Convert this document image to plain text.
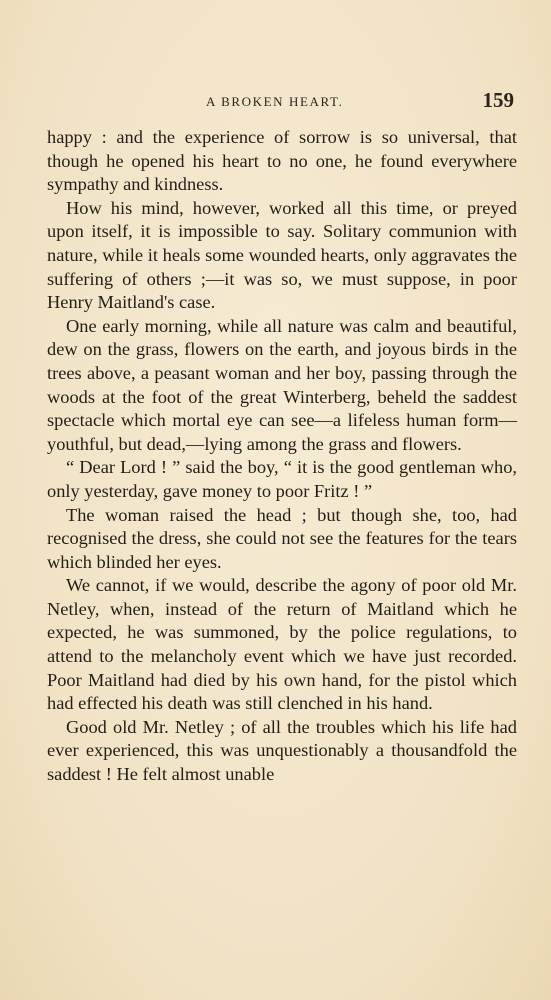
A BROKEN HEART.	159

happy : and the experience of sorrow is so universal, that though he opened his heart to no one, he found everywhere sympathy and kindness.

How his mind, however, worked all this time, or preyed upon itself, it is impossible to say. Solitary communion with nature, while it heals some wounded hearts, only aggravates the suffering of others ;—it was so, we must suppose, in poor Henry Maitland's case.

One early morning, while all nature was calm and beautiful, dew on the grass, flowers on the earth, and joyous birds in the trees above, a peasant woman and her boy, passing through the woods at the foot of the great Winterberg, beheld the saddest spectacle which mortal eye can see—a lifeless human form—youthful, but dead,—lying among the grass and flowers.

“ Dear Lord ! ” said the boy, “ it is the good gentleman who, only yesterday, gave money to poor Fritz ! ”

The woman raised the head ; but though she, too, had recognised the dress, she could not see the features for the tears which blinded her eyes.

We cannot, if we would, describe the agony of poor old Mr. Netley, when, instead of the return of Maitland which he expected, he was summoned, by the police regulations, to attend to the melancholy event which we have just recorded. Poor Maitland had died by his own hand, for the pistol which had effected his death was still clenched in his hand.

Good old Mr. Netley ; of all the troubles which his life had ever experienced, this was unquestionably a thousandfold the saddest ! He felt almost unable
